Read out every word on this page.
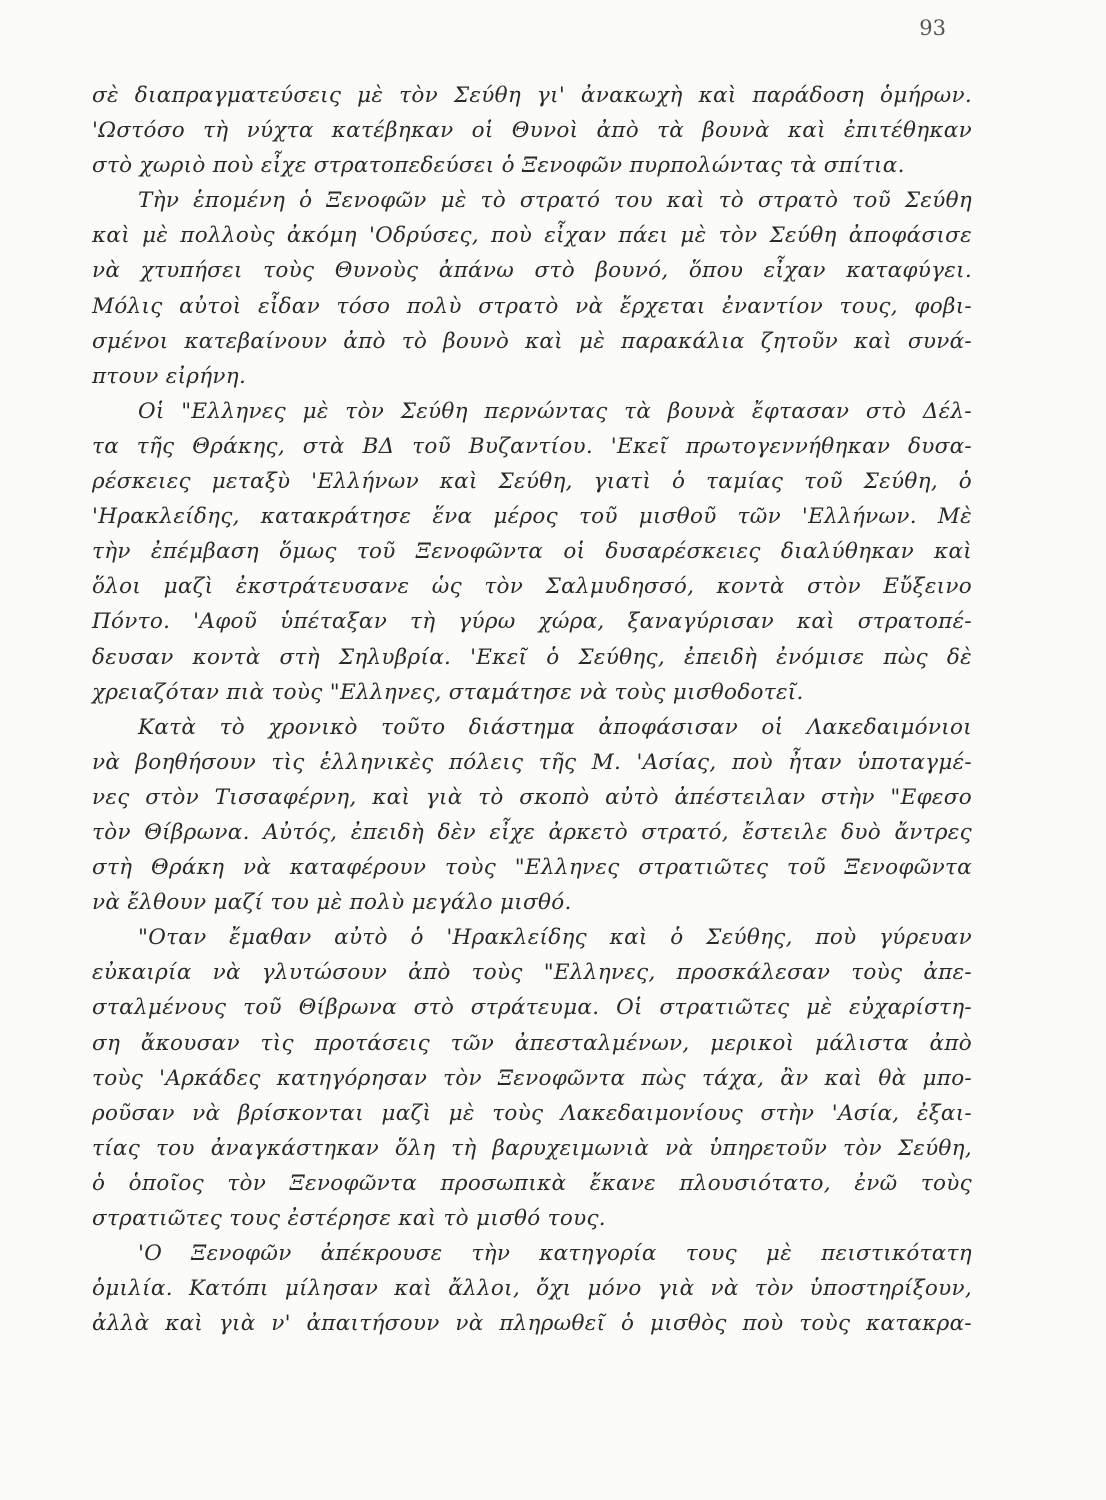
93
σὲ διαπραγματεύσεις μὲ τὸν Σεύθη γι' ἀνακωχὴ καὶ παράδοση ὁμήρων.
'Ωστόσο τὴ νύχτα κατέβηκαν οἱ Θυνοὶ ἀπὸ τὰ βουνὰ καὶ ἐπιτέθηκαν
στὸ χωριὸ ποὺ εἶχε στρατοπεδεύσει ὁ Ξενοφῶν πυρπολώντας τὰ σπίτια.
Τὴν ἑπομένη ὁ Ξενοφῶν μὲ τὸ στρατό του καὶ τὸ στρατὸ τοῦ Σεύθη
καὶ μὲ πολλοὺς ἀκόμη 'Οδρύσες, ποὺ εἶχαν πάει μὲ τὸν Σεύθη ἀποφάσισε
νὰ χτυπήσει τοὺς Θυνοὺς ἀπάνω στὸ βουνό, ὅπου εἶχαν καταφύγει.
Μόλις αὐτοὶ εἶδαν τόσο πολὺ στρατὸ νὰ ἔρχεται ἐναντίον τους, φοβι-
σμένοι κατεβαίνουν ἀπὸ τὸ βουνὸ καὶ μὲ παρακάλια ζητοῦν καὶ συνά-
πτουν εἰρήνη.
Οἱ "Ελληνες μὲ τὸν Σεύθη περνώντας τὰ βουνὰ ἔφτασαν στὸ Δέλ-
τα τῆς Θράκης, στὰ ΒΔ τοῦ Βυζαντίου. 'Εκεῖ πρωτογεννήθηκαν δυσα-
ρέσκειες μεταξὺ 'Ελλήνων καὶ Σεύθη, γιατὶ ὁ ταμίας τοῦ Σεύθη, ὁ
'Ηρακλείδης, κατακράτησε ἕνα μέρος τοῦ μισθοῦ τῶν 'Ελλήνων. Μὲ
τὴν ἐπέμβαση ὅμως τοῦ Ξενοφῶντα οἱ δυσαρέσκειες διαλύθηκαν καὶ
ὅλοι μαζὶ ἐκστράτευσανε ὡς τὸν Σαλμυδησσό, κοντὰ στὸν Εὔξεινο
Πόντο. 'Αφοῦ ὑπέταξαν τὴ γύρω χώρα, ξαναγύρισαν καὶ στρατοπέ-
δευσαν κοντὰ στὴ Σηλυβρία. 'Εκεῖ ὁ Σεύθης, ἐπειδὴ ἐνόμισε πὼς δὲ
χρειαζόταν πιὰ τοὺς "Ελληνες, σταμάτησε νὰ τοὺς μισθοδοτεῖ.
Κατὰ τὸ χρονικὸ τοῦτο διάστημα ἀποφάσισαν οἱ Λακεδαιμόνιοι
νὰ βοηθήσουν τὶς ἑλληνικὲς πόλεις τῆς Μ. 'Ασίας, ποὺ ἦταν ὑποταγμέ-
νες στὸν Τισσαφέρνη, καὶ γιὰ τὸ σκοπὸ αὐτὸ ἀπέστειλαν στὴν "Εφεσο
τὸν Θίβρωνα. Αὐτός, ἐπειδὴ δὲν εἶχε ἀρκετὸ στρατό, ἔστειλε δυὸ ἄντρες
στὴ Θράκη νὰ καταφέρουν τοὺς "Ελληνες στρατιῶτες τοῦ Ξενοφῶντα
νὰ ἔλθουν μαζί του μὲ πολὺ μεγάλο μισθό.
"Οταν ἔμαθαν αὐτὸ ὁ 'Ηρακλείδης καὶ ὁ Σεύθης, ποὺ γύρευαν
εὐκαιρία νὰ γλυτώσουν ἀπὸ τοὺς "Ελληνες, προσκάλεσαν τοὺς ἀπε-
σταλμένους τοῦ Θίβρωνα στὸ στράτευμα. Οἱ στρατιῶτες μὲ εὐχαρίστη-
ση ἄκουσαν τὶς προτάσεις τῶν ἀπεσταλμένων, μερικοὶ μάλιστα ἀπὸ
τοὺς 'Αρκάδες κατηγόρησαν τὸν Ξενοφῶντα πὼς τάχα, ἂν καὶ θὰ μπο-
ροῦσαν νὰ βρίσκονται μαζὶ μὲ τοὺς Λακεδαιμονίους στὴν 'Ασία, ἐξαι-
τίας του ἀναγκάστηκαν ὅλη τὴ βαρυχειμωνιὰ νὰ ὑπηρετοῦν τὸν Σεύθη,
ὁ ὁποῖος τὸν Ξενοφῶντα προσωπικὰ ἔκανε πλουσιότατο, ἐνῶ τοὺς
στρατιῶτες τους ἐστέρησε καὶ τὸ μισθό τους.
'Ο Ξενοφῶν ἀπέκρουσε τὴν κατηγορία τους μὲ πειστικότατη
ὁμιλία. Κατόπι μίλησαν καὶ ἄλλοι, ὄχι μόνο γιὰ νὰ τὸν ὑποστηρίξουν,
ἀλλὰ καὶ γιὰ ν' ἀπαιτήσουν νὰ πληρωθεῖ ὁ μισθὸς ποὺ τοὺς κατακρα-
